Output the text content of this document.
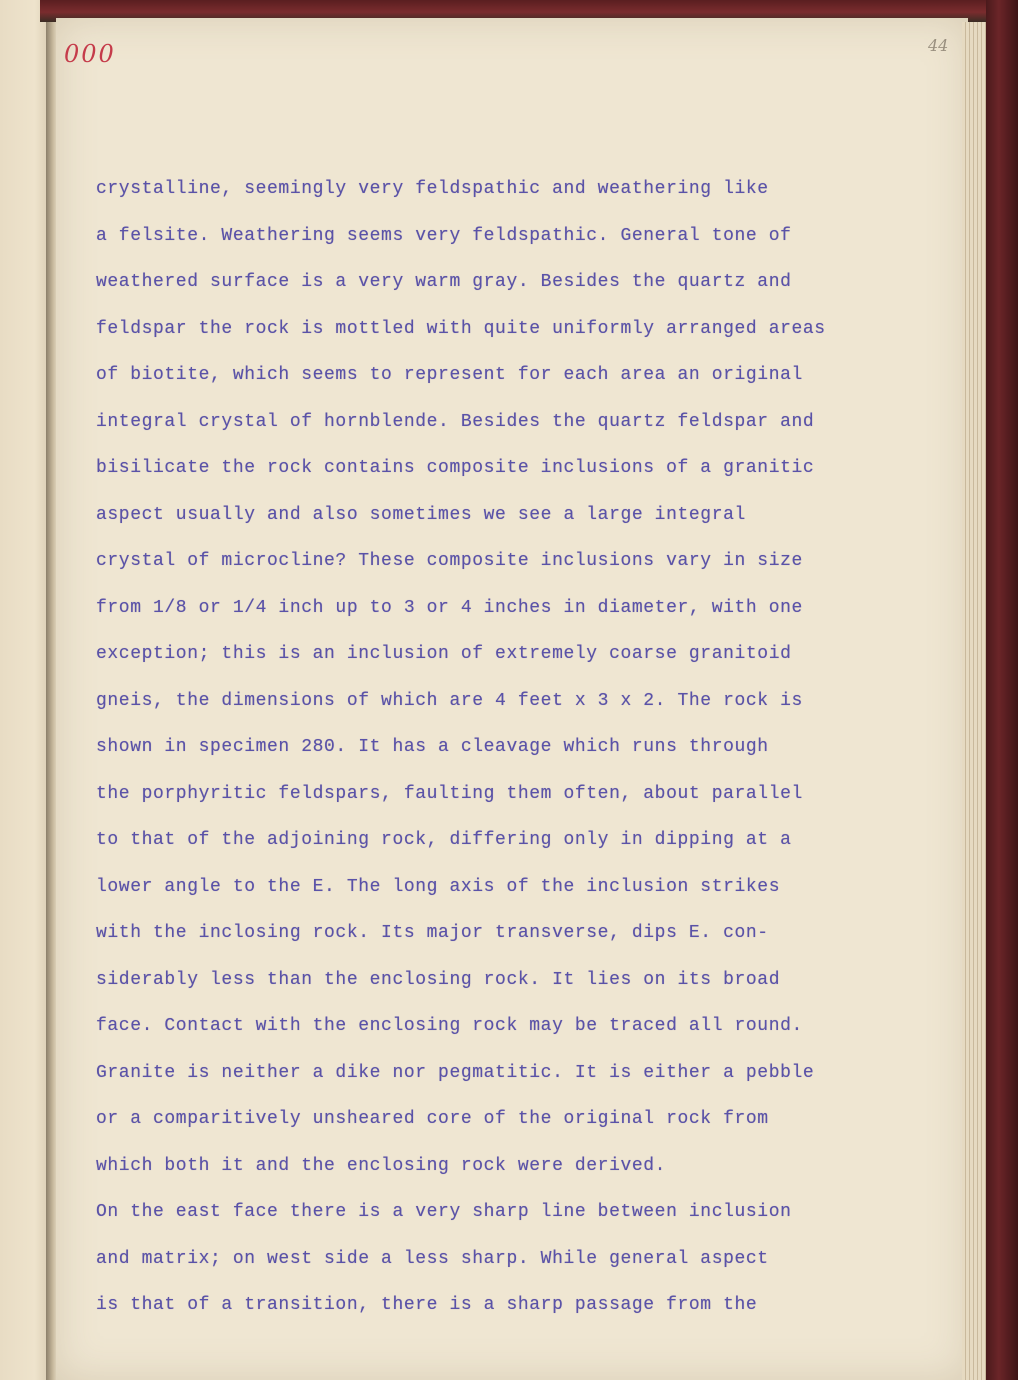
000	44
crystalline, seemingly very feldspathic and weathering like
a felsite. Weathering seems very feldspathic. General tone of
weathered surface is a very warm gray. Besides the quartz and
feldspar the rock is mottled with quite uniformly arranged areas
of biotite, which seems to represent for each area an original
integral crystal of hornblende. Besides the quartz feldspar and
bisilicate the rock contains composite inclusions of a granitic
aspect usually and also sometimes we see a large integral
crystal of microcline? These composite inclusions vary in size
from 1/8 or 1/4 inch up to 3 or 4 inches in diameter, with one
exception; this is an inclusion of extremely coarse granitoid
gneis, the dimensions of which are 4 feet x 3 x 2. The rock is
shown in specimen 280. It has a cleavage which runs through
the porphyritic feldspars, faulting them often, about parallel
to that of the adjoining rock, differing only in dipping at a
lower angle to the E. The long axis of the inclusion strikes
with the inclosing rock. Its major transverse, dips E. con-
siderably less than the enclosing rock. It lies on its broad
face. Contact with the enclosing rock may be traced all round.
Granite is neither a dike nor pegmatitic. It is either a pebble
or a comparitively unsheared core of the original rock from
which both it and the enclosing rock were derived.
On the east face there is a very sharp line between inclusion
and matrix; on west side a less sharp. While general aspect
is that of a transition, there is a sharp passage from the
